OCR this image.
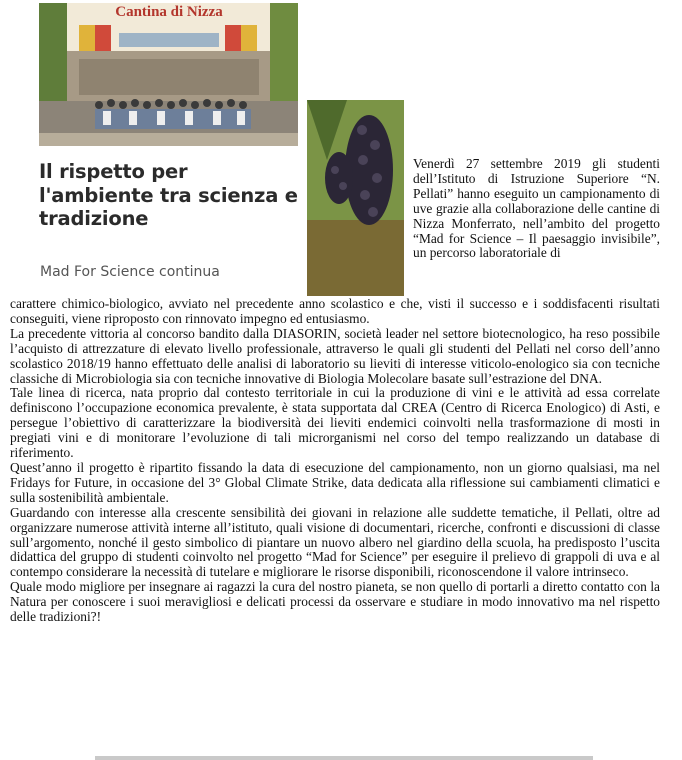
Cantina di Nizza
Il rispetto per l'ambiente tra scienza e tradizione
Mad For Science continua

Venerdì 27 settembre 2019 gli studenti dell’Istituto di Istruzione Superiore “N. Pellati” hanno eseguito un campionamento di uve grazie alla collaborazione delle cantine di Nizza Monferrato, nell’ambito del progetto “Mad for Science – Il paesaggio invisibile”, un percorso laboratoriale di

carattere chimico-biologico, avviato nel precedente anno scolastico e che, visti il successo e i soddisfacenti risultati conseguiti, viene riproposto con rinnovato impegno ed entusiasmo.

La precedente vittoria al concorso bandito dalla DIASORIN, società leader nel settore biotecnologico, ha reso possibile l’acquisto di attrezzature di elevato livello professionale, attraverso le quali gli studenti del Pellati nel corso dell’anno scolastico 2018/19 hanno effettuato delle analisi di laboratorio su lieviti di interesse viticolo-enologico sia con tecniche classiche di Microbiologia sia con tecniche innovative di Biologia Molecolare basate sull’estrazione del DNA.

Tale linea di ricerca, nata proprio dal contesto territoriale in cui la produzione di vini e le attività ad essa correlate definiscono l’occupazione economica prevalente, è stata supportata dal CREA (Centro di Ricerca Enologico) di Asti, e persegue l’obiettivo di caratterizzare la biodiversità dei lieviti endemici coinvolti nella trasformazione di mosti in pregiati vini e di monitorare l’evoluzione di tali microrganismi nel corso del tempo realizzando un database di riferimento.

Quest’anno il progetto è ripartito fissando la data di esecuzione del campionamento, non un giorno qualsiasi, ma nel Fridays for Future, in occasione del 3° Global Climate Strike, data dedicata alla riflessione sui cambiamenti climatici e sulla sostenibilità ambientale.

Guardando con interesse alla crescente sensibilità dei giovani in relazione alle suddette tematiche, il Pellati, oltre ad organizzare numerose attività interne all’istituto, quali visione di documentari, ricerche, confronti e discussioni di classe sull’argomento, nonché il gesto simbolico di piantare un nuovo albero nel giardino della scuola, ha predisposto l’uscita didattica del gruppo di studenti coinvolto nel progetto “Mad for Science” per eseguire il prelievo di grappoli di uva e al contempo considerare la necessità di tutelare e migliorare le risorse disponibili, riconoscendone il valore intrinseco.

Quale modo migliore per insegnare ai ragazzi la cura del nostro pianeta, se non quello di portarli a diretto contatto con la Natura per conoscere i suoi meravigliosi e delicati processi da osservare e studiare in modo innovativo ma nel rispetto delle tradizioni?!
